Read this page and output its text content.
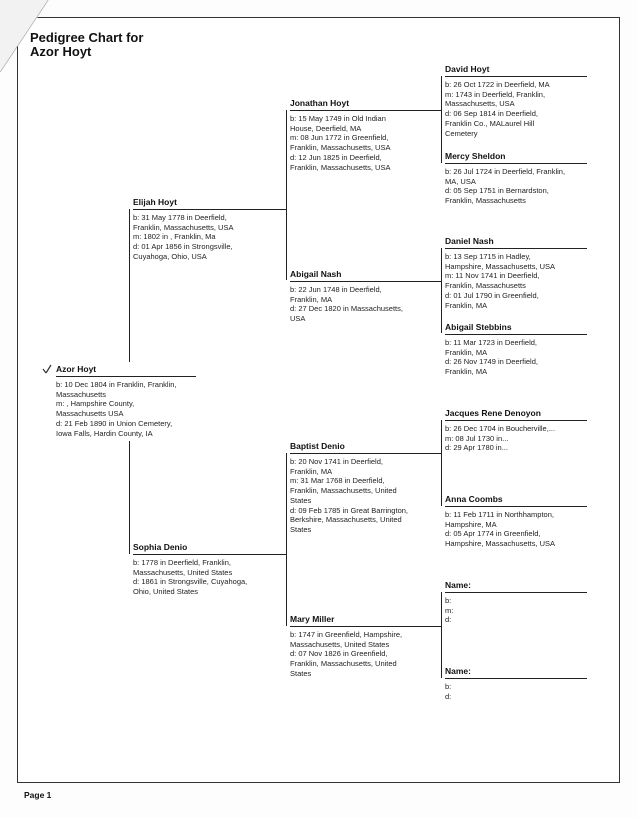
Pedigree Chart for
Azor Hoyt
Azor Hoyt
b: 10 Dec 1804 in Franklin, Franklin,
Massachusetts
m: , Hampshire County,
Massachusetts USA
d: 21 Feb 1890 in Union Cemetery,
Iowa Falls, Hardin County, IA
Elijah Hoyt
b: 31 May 1778 in Deerfield,
Franklin, Massachusetts, USA
m: 1802 in , Franklin, Ma
d: 01 Apr 1856 in Strongsville,
Cuyahoga, Ohio, USA
Sophia Denio
b: 1778 in Deerfield, Franklin,
Massachusetts, United States
d: 1861 in Strongsville, Cuyahoga,
Ohio, United States
Jonathan Hoyt
b: 15 May 1749 in Old Indian
House, Deerfield, MA
m: 08 Jun 1772 in Greenfield,
Franklin, Massachusetts, USA
d: 12 Jun 1825 in Deerfield,
Franklin, Massachusetts, USA
Abigail Nash
b: 22 Jun 1748 in Deerfield,
Franklin, MA
d: 27 Dec 1820 in Massachusetts,
USA
Baptist Denio
b: 20 Nov 1741 in Deerfield,
Franklin, MA
m: 31 Mar 1768 in Deerfield,
Franklin, Massachusetts, United
States
d: 09 Feb 1785 in Great Barrington,
Berkshire, Massachusetts, United
States
Mary Miller
b: 1747 in Greenfield, Hampshire,
Massachusetts, United States
d: 07 Nov 1826 in Greenfield,
Franklin, Massachusetts, United
States
David Hoyt
b: 26 Oct 1722 in Deerfield, MA
m: 1743 in Deerfield, Franklin,
Massachusetts, USA
d: 06 Sep 1814 in Deerfield,
Franklin Co., MALaurel Hill
Cemetery
Mercy Sheldon
b: 26 Jul 1724 in Deerfield, Franklin,
MA, USA
d: 05 Sep 1751 in Bernardston,
Franklin, Massachusetts
Daniel Nash
b: 13 Sep 1715 in Hadley,
Hampshire, Massachusetts, USA
m: 11 Nov 1741 in Deerfield,
Franklin, Massachusetts
d: 01 Jul 1790 in Greenfield,
Franklin, MA
Abigail Stebbins
b: 11 Mar 1723 in Deerfield,
Franklin, MA
d: 26 Nov 1749 in Deerfield,
Franklin, MA
Jacques Rene Denoyon
b: 26 Dec 1704 in Boucherville,...
m: 08 Jul 1730 in...
d: 29 Apr 1780 in...
Anna Coombs
b: 11 Feb 1711 in Northhampton,
Hampshire, MA
d: 05 Apr 1774 in Greenfield,
Hampshire, Massachusetts, USA
Name:
b:
m:
d:
Name:
b:
d:
Page 1
